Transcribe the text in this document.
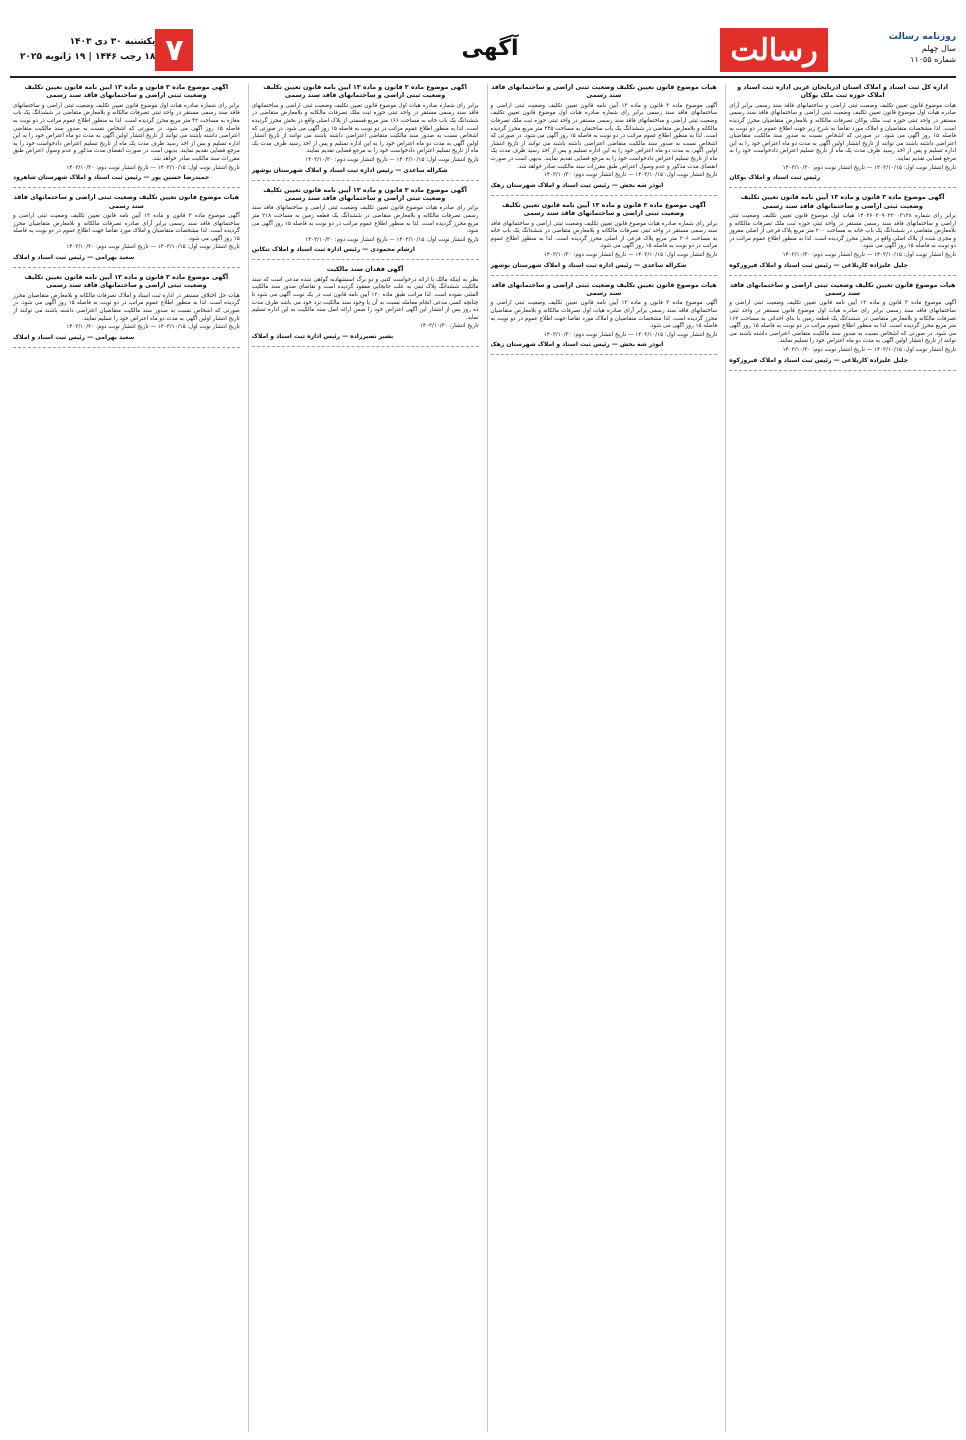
روزنامه رسالت
سال چهلم
شماره ۱۱۰۵۵
رسالت
آگهی
۷
یکشنبه ۳۰ دی ۱۴۰۳
۱۸ رجب ۱۴۴۶ | ۱۹ ژانویه ۲۰۲۵
اداره کل ثبت اسناد و املاک استان آذربایجان غربی اداره ثبت اسناد و املاک حوزه ثبت ملک بوکان
هیات موضوع قانون تعیین تکلیف وضعیت ثبتی اراضی و ساختمانهای فاقد سند رسمی برابر آرای صادره هیات اول موضوع قانون تعیین تکلیف وضعیت ثبتی اراضی و ساختمانهای فاقد سند رسمی مستقر در واحد ثبتی حوزه ثبت ملک بوکان تصرفات مالکانه و بلامعارض متقاضیان محرز گردیده است. لذا مشخصات متقاضیان و املاک مورد تقاضا به شرح زیر جهت اطلاع عموم در دو نوبت به فاصله ۱۵ روز آگهی می شود. در صورتی که اشخاص نسبت به صدور سند مالکیت متقاضیان اعتراضی داشته باشند می توانند از تاریخ انتشار اولین آگهی به مدت دو ماه اعتراض خود را به این اداره تسلیم و پس از اخذ رسید ظرف مدت یک ماه از تاریخ تسلیم اعتراض دادخواست خود را به مرجع قضایی تقدیم نمایند.
تاریخ انتشار نوبت اول: ۱۴۰۳/۱۰/۱۵ — تاریخ انتشار نوبت دوم: ۱۴۰۳/۱۰/۳۰
رئیس ثبت اسناد و املاک بوکان
آگهی موضوع ماده ۳ قانون و ماده ۱۳ آیین نامه قانون تعیین تکلیف وضعیت ثبتی اراضی و ساختمانهای فاقد سند رسمی
برابر رای شماره ۱۴۰۳۶۰۳۰۹۰۲۲۰۰۳۱۲۸ هیات اول موضوع قانون تعیین تکلیف وضعیت ثبتی اراضی و ساختمانهای فاقد سند رسمی مستقر در واحد ثبتی حوزه ثبت ملک تصرفات مالکانه و بلامعارض متقاضی در ششدانگ یک باب خانه به مساحت ۲۰۰ متر مربع پلاک فرعی از اصلی مفروز و مجزی شده از پلاک اصلی واقع در بخش محرز گردیده است. لذا به منظور اطلاع عموم مراتب در دو نوبت به فاصله ۱۵ روز آگهی می شود.
تاریخ انتشار نوبت اول: ۱۴۰۳/۱۰/۱۵ — تاریخ انتشار نوبت دوم: ۱۴۰۳/۱۰/۳۰
جلیل علیزاده کاربلاغی — رئیس ثبت اسناد و املاک فیروزکوه
هیات موضوع قانون تعیین تکلیف وضعیت ثبتی اراضی و ساختمانهای فاقد سند رسمی
آگهی موضوع ماده ۳ قانون و ماده ۱۳ آیین نامه قانون تعیین تکلیف وضعیت ثبتی اراضی و ساختمانهای فاقد سند رسمی برابر رای صادره هیات اول موضوع قانون مستقر در واحد ثبتی تصرفات مالکانه و بلامعارض متقاضی در ششدانگ یک قطعه زمین با بنای احداثی به مساحت ۱۶۲ متر مربع محرز گردیده است. لذا به منظور اطلاع عموم مراتب در دو نوبت به فاصله ۱۵ روز آگهی می شود. در صورتی که اشخاص نسبت به صدور سند مالکیت متقاضی اعتراضی داشته باشند می توانند از تاریخ انتشار اولین آگهی به مدت دو ماه اعتراض خود را تسلیم نمایند.
تاریخ انتشار نوبت اول: ۱۴۰۳/۱۰/۱۵ — تاریخ انتشار نوبت دوم: ۱۴۰۳/۱۰/۳۰
جلیل علیزاده کاربلاغی — رئیس ثبت اسناد و املاک فیروزکوه
هیات موضوع قانون تعیین تکلیف وضعیت ثبتی اراضی و ساختمانهای فاقد سند رسمی
آگهی موضوع ماده ۳ قانون و ماده ۱۳ آیین نامه قانون تعیین تکلیف وضعیت ثبتی اراضی و ساختمانهای فاقد سند رسمی برابر رای شماره صادره هیات اول موضوع قانون تعیین تکلیف وضعیت ثبتی اراضی و ساختمانهای فاقد سند رسمی مستقر در واحد ثبتی حوزه ثبت ملک تصرفات مالکانه و بلامعارض متقاضی در ششدانگ یک باب ساختمان به مساحت ۲۴۵ متر مربع محرز گردیده است. لذا به منظور اطلاع عموم مراتب در دو نوبت به فاصله ۱۵ روز آگهی می شود. در صورتی که اشخاص نسبت به صدور سند مالکیت متقاضی اعتراضی داشته باشند می توانند از تاریخ انتشار اولین آگهی به مدت دو ماه اعتراض خود را به این اداره تسلیم و پس از اخذ رسید ظرف مدت یک ماه از تاریخ تسلیم اعتراض دادخواست خود را به مرجع قضایی تقدیم نمایند. بدیهی است در صورت انقضای مدت مذکور و عدم وصول اعتراض طبق مقررات سند مالکیت صادر خواهد شد.
تاریخ انتشار نوبت اول: ۱۴۰۳/۱۰/۱۵ — تاریخ انتشار نوبت دوم: ۱۴۰۳/۱۰/۳۰
ابوذر شه بخش — رئیس ثبت اسناد و املاک شهرستان زهک
آگهی موضوع ماده ۳ قانون و ماده ۱۳ آیین نامه قانون تعیین تکلیف وضعیت ثبتی اراضی و ساختمانهای فاقد سند رسمی
برابر رای شماره صادره هیات موضوع قانون تعیین تکلیف وضعیت ثبتی اراضی و ساختمانهای فاقد سند رسمی مستقر در واحد ثبتی تصرفات مالکانه و بلامعارض متقاضی در ششدانگ یک باب خانه به مساحت ۳۰۶ متر مربع پلاک فرعی از اصلی محرز گردیده است. لذا به منظور اطلاع عموم مراتب در دو نوبت به فاصله ۱۵ روز آگهی می شود.
تاریخ انتشار نوبت اول: ۱۴۰۳/۱۰/۱۵ — تاریخ انتشار نوبت دوم: ۱۴۰۳/۱۰/۳۰
شکراله ساعدی — رئیس اداره ثبت اسناد و املاک شهرستان بوشهر
هیات موضوع قانون تعیین تکلیف وضعیت ثبتی اراضی و ساختمانهای فاقد سند رسمی
آگهی موضوع ماده ۳ قانون و ماده ۱۳ آیین نامه قانون تعیین تکلیف وضعیت ثبتی اراضی و ساختمانهای فاقد سند رسمی برابر آرای صادره هیات اول تصرفات مالکانه و بلامعارض متقاضیان محرز گردیده است. لذا مشخصات متقاضیان و املاک مورد تقاضا جهت اطلاع عموم در دو نوبت به فاصله ۱۵ روز آگهی می شود.
تاریخ انتشار نوبت اول: ۱۴۰۳/۱۰/۱۵ — تاریخ انتشار نوبت دوم: ۱۴۰۳/۱۰/۳۰
ابوذر شه بخش — رئیس ثبت اسناد و املاک شهرستان زهک
آگهی موضوع ماده ۳ قانون و ماده ۱۳ آیین نامه قانون تعیین تکلیف وضعیت ثبتی اراضی و ساختمانهای فاقد سند رسمی
برابر رای شماره صادره هیات اول موضوع قانون تعیین تکلیف وضعیت ثبتی اراضی و ساختمانهای فاقد سند رسمی مستقر در واحد ثبتی حوزه ثبت ملک تصرفات مالکانه و بلامعارض متقاضی در ششدانگ یک باب خانه به مساحت ۱۶۶ متر مربع قسمتی از پلاک اصلی واقع در بخش محرز گردیده است. لذا به منظور اطلاع عموم مراتب در دو نوبت به فاصله ۱۵ روز آگهی می شود. در صورتی که اشخاص نسبت به صدور سند مالکیت متقاضی اعتراضی داشته باشند می توانند از تاریخ انتشار اولین آگهی به مدت دو ماه اعتراض خود را به این اداره تسلیم و پس از اخذ رسید ظرف مدت یک ماه از تاریخ تسلیم اعتراض دادخواست خود را به مرجع قضایی تقدیم نمایند.
تاریخ انتشار نوبت اول: ۱۴۰۳/۱۰/۱۵ — تاریخ انتشار نوبت دوم: ۱۴۰۳/۱۰/۳۰
شکراله ساعدی — رئیس اداره ثبت اسناد و املاک شهرستان بوشهر
آگهی موضوع ماده ۳ قانون و ماده ۱۳ آیین نامه قانون تعیین تکلیف وضعیت ثبتی اراضی و ساختمانهای فاقد سند رسمی
برابر رای صادره هیات موضوع قانون تعیین تکلیف وضعیت ثبتی اراضی و ساختمانهای فاقد سند رسمی تصرفات مالکانه و بلامعارض متقاضی در ششدانگ یک قطعه زمین به مساحت ۲۱۸ متر مربع محرز گردیده است. لذا به منظور اطلاع عموم مراتب در دو نوبت به فاصله ۱۵ روز آگهی می شود.
تاریخ انتشار نوبت اول: ۱۴۰۳/۱۰/۱۵ — تاریخ انتشار نوبت دوم: ۱۴۰۳/۱۰/۳۰
ارشام محمودی — رئیس اداره ثبت اسناد و املاک تنکابن
آگهی فقدان سند مالکیت
نظر به اینکه مالک با ارائه درخواست کتبی و دو برگ استشهادیه گواهی شده مدعی است که سند مالکیت ششدانگ پلاک ثبتی به علت جابجایی مفقود گردیده است و تقاضای صدور سند مالکیت المثنی نموده است. لذا مراتب طبق ماده ۱۲۰ آیین نامه قانون ثبت در یک نوبت آگهی می شود تا چنانچه کسی مدعی انجام معامله نسبت به آن یا وجود سند مالکیت نزد خود می باشد ظرف مدت ده روز پس از انتشار این آگهی اعتراض خود را ضمن ارائه اصل سند مالکیت به این اداره تسلیم نماید.
تاریخ انتشار: ۱۴۰۳/۱۰/۳۰
بشیر نصیرزاده — رئیس اداره ثبت اسناد و املاک
آگهی موضوع ماده ۳ قانون و ماده ۱۳ آیین نامه قانون تعیین تکلیف وضعیت ثبتی اراضی و ساختمانهای فاقد سند رسمی
برابر رای شماره صادره هیات اول موضوع قانون تعیین تکلیف وضعیت ثبتی اراضی و ساختمانهای فاقد سند رسمی مستقر در واحد ثبتی تصرفات مالکانه و بلامعارض متقاضی در ششدانگ یک باب مغازه به مساحت ۴۲ متر مربع محرز گردیده است. لذا به منظور اطلاع عموم مراتب در دو نوبت به فاصله ۱۵ روز آگهی می شود. در صورتی که اشخاص نسبت به صدور سند مالکیت متقاضی اعتراضی داشته باشند می توانند از تاریخ انتشار اولین آگهی به مدت دو ماه اعتراض خود را به این اداره تسلیم و پس از اخذ رسید ظرف مدت یک ماه از تاریخ تسلیم اعتراض دادخواست خود را به مرجع قضایی تقدیم نمایند. بدیهی است در صورت انقضای مدت مذکور و عدم وصول اعتراض طبق مقررات سند مالکیت صادر خواهد شد.
تاریخ انتشار نوبت اول: ۱۴۰۳/۱۰/۱۵ — تاریخ انتشار نوبت دوم: ۱۴۰۳/۱۰/۳۰
حمیدرضا حسین پور — رئیس ثبت اسناد و املاک شهرستان شاهرود
هیات موضوع قانون تعیین تکلیف وضعیت ثبتی اراضی و ساختمانهای فاقد سند رسمی
آگهی موضوع ماده ۳ قانون و ماده ۱۳ آیین نامه قانون تعیین تکلیف وضعیت ثبتی اراضی و ساختمانهای فاقد سند رسمی برابر آرای صادره تصرفات مالکانه و بلامعارض متقاضیان محرز گردیده است. لذا مشخصات متقاضیان و املاک مورد تقاضا جهت اطلاع عموم در دو نوبت به فاصله ۱۵ روز آگهی می شود.
تاریخ انتشار نوبت اول: ۱۴۰۳/۱۰/۱۵ — تاریخ انتشار نوبت دوم: ۱۴۰۳/۱۰/۳۰
سعید بهرامی — رئیس ثبت اسناد و املاک
آگهی موضوع ماده ۳ قانون و ماده ۱۳ آیین نامه قانون تعیین تکلیف وضعیت ثبتی اراضی و ساختمانهای فاقد سند رسمی
هیات حل اختلاف مستقر در اداره ثبت اسناد و املاک تصرفات مالکانه و بلامعارض متقاضیان محرز گردیده است. لذا به منظور اطلاع عموم مراتب در دو نوبت به فاصله ۱۵ روز آگهی می شود. در صورتی که اشخاص نسبت به صدور سند مالکیت متقاضیان اعتراضی داشته باشند می توانند از تاریخ انتشار اولین آگهی به مدت دو ماه اعتراض خود را تسلیم نمایند.
تاریخ انتشار نوبت اول: ۱۴۰۳/۱۰/۱۵ — تاریخ انتشار نوبت دوم: ۱۴۰۳/۱۰/۳۰
سعید بهرامی — رئیس ثبت اسناد و املاک
